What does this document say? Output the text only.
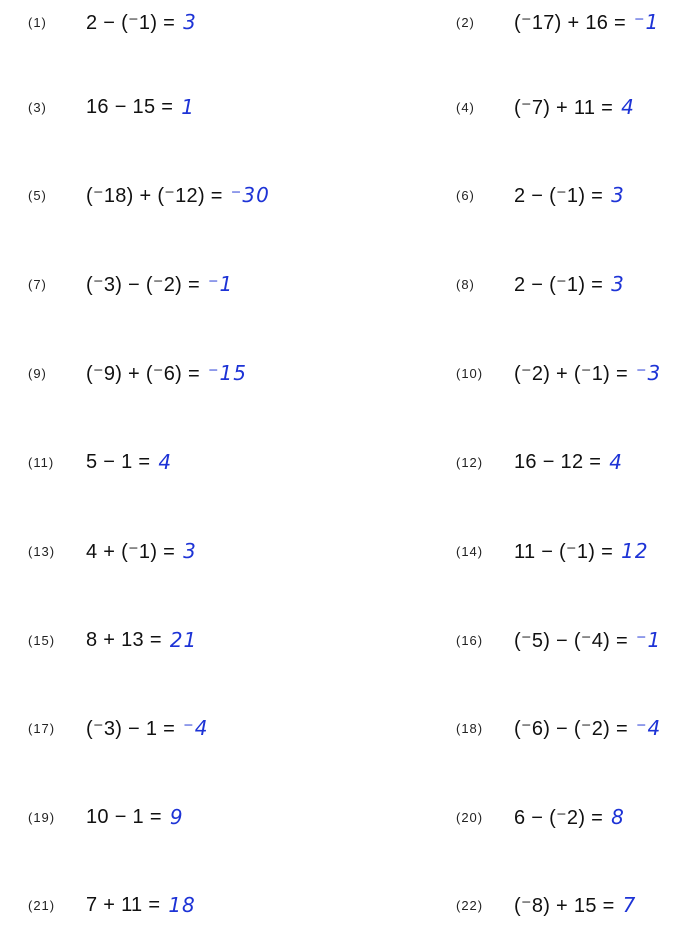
(1)	2 − (⁻1) = 3	(2)	(⁻17) + 16 = ⁻1
(3)	16 − 15 = 1	(4)	(⁻7) + 11 = 4
(5)	(⁻18) + (⁻12) = ⁻30	(6)	2 − (⁻1) = 3
(7)	(⁻3) − (⁻2) = ⁻1	(8)	2 − (⁻1) = 3
(9)	(⁻9) + (⁻6) = ⁻15	(10)	(⁻2) + (⁻1) = ⁻3
(11)	5 − 1 = 4	(12)	16 − 12 = 4
(13)	4 + (⁻1) = 3	(14)	11 − (⁻1) = 12
(15)	8 + 13 = 21	(16)	(⁻5) − (⁻4) = ⁻1
(17)	(⁻3) − 1 = ⁻4	(18)	(⁻6) − (⁻2) = ⁻4
(19)	10 − 1 = 9	(20)	6 − (⁻2) = 8
(21)	7 + 11 = 18	(22)	(⁻8) + 15 = 7
